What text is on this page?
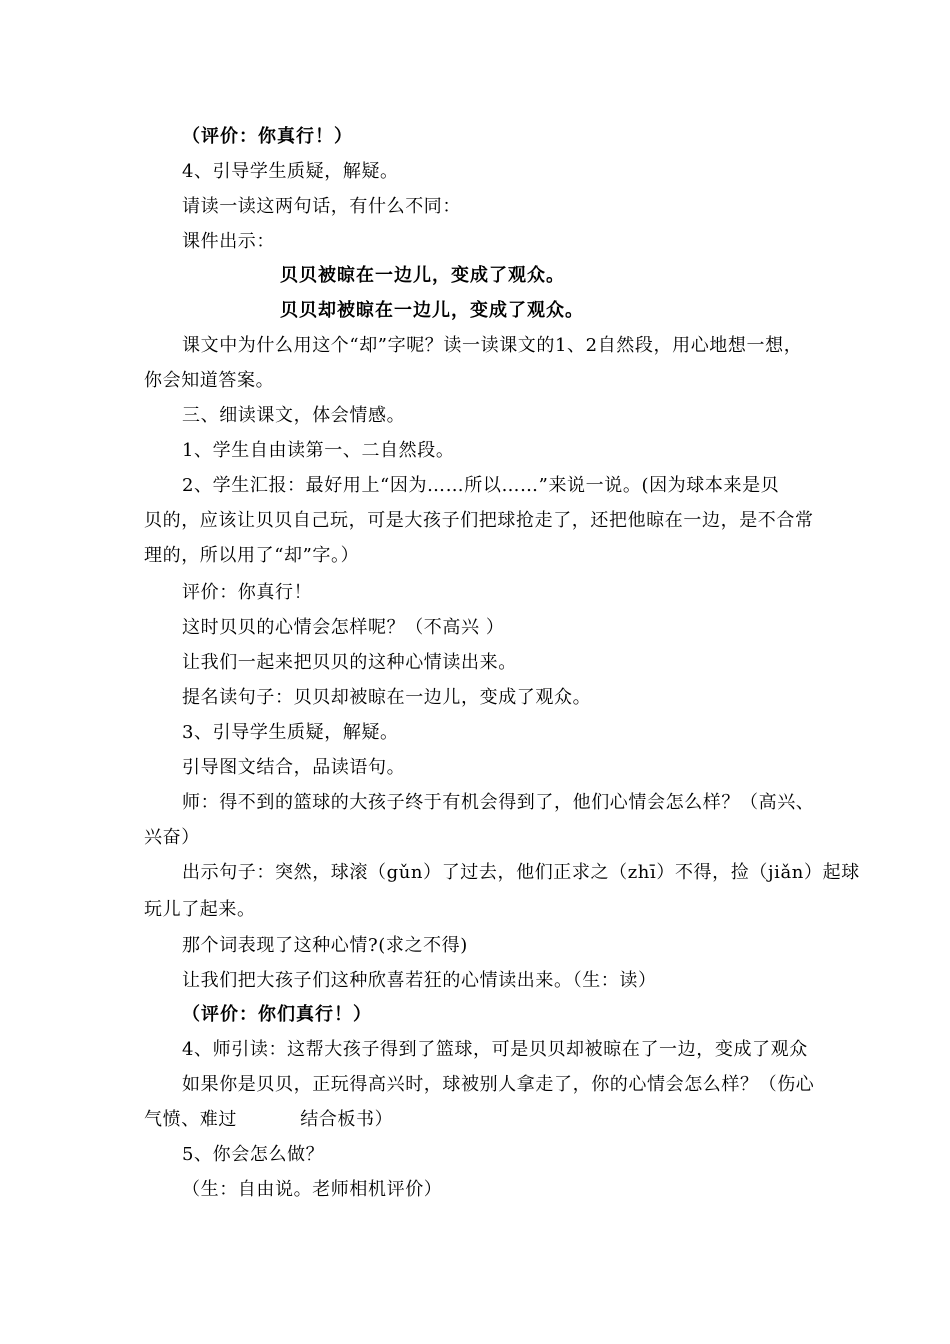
（评价：你真行！）
4、引导学生质疑，解疑。
请读一读这两句话，有什么不同：
课件出示：
贝贝被晾在一边儿，变成了观众。
贝贝却被晾在一边儿，变成了观众。
课文中为什么用这个“却”字呢？读一读课文的1、2自然段，用心地想一想，
你会知道答案。
三、细读课文，体会情感。
1、学生自由读第一、二自然段。
2、学生汇报：最好用上“因为……所以……”来说一说。(因为球本来是贝
贝的，应该让贝贝自己玩，可是大孩子们把球抢走了，还把他晾在一边，是不合常
理的，所以用了“却”字。）
评价：你真行！
这时贝贝的心情会怎样呢？（不高兴 ）
让我们一起来把贝贝的这种心情读出来。
提名读句子：贝贝却被晾在一边儿，变成了观众。
3、引导学生质疑，解疑。
引导图文结合，品读语句。
师：得不到的篮球的大孩子终于有机会得到了，他们心情会怎么样？（高兴、
兴奋）
出示句子：突然，球滚（gǔn）了过去，他们正求之（zhī）不得，捡（jiǎn）起球
玩儿了起来。
那个词表现了这种心情?(求之不得)
让我们把大孩子们这种欣喜若狂的心情读出来。（生：读）
（评价：你们真行！）
4、师引读：这帮大孩子得到了篮球，可是贝贝却被晾在了一边，变成了观众
如果你是贝贝，正玩得高兴时，球被别人拿走了，你的心情会怎么样？（伤心
气愤、难过          结合板书）
5、你会怎么做？
（生：自由说。老师相机评价）
